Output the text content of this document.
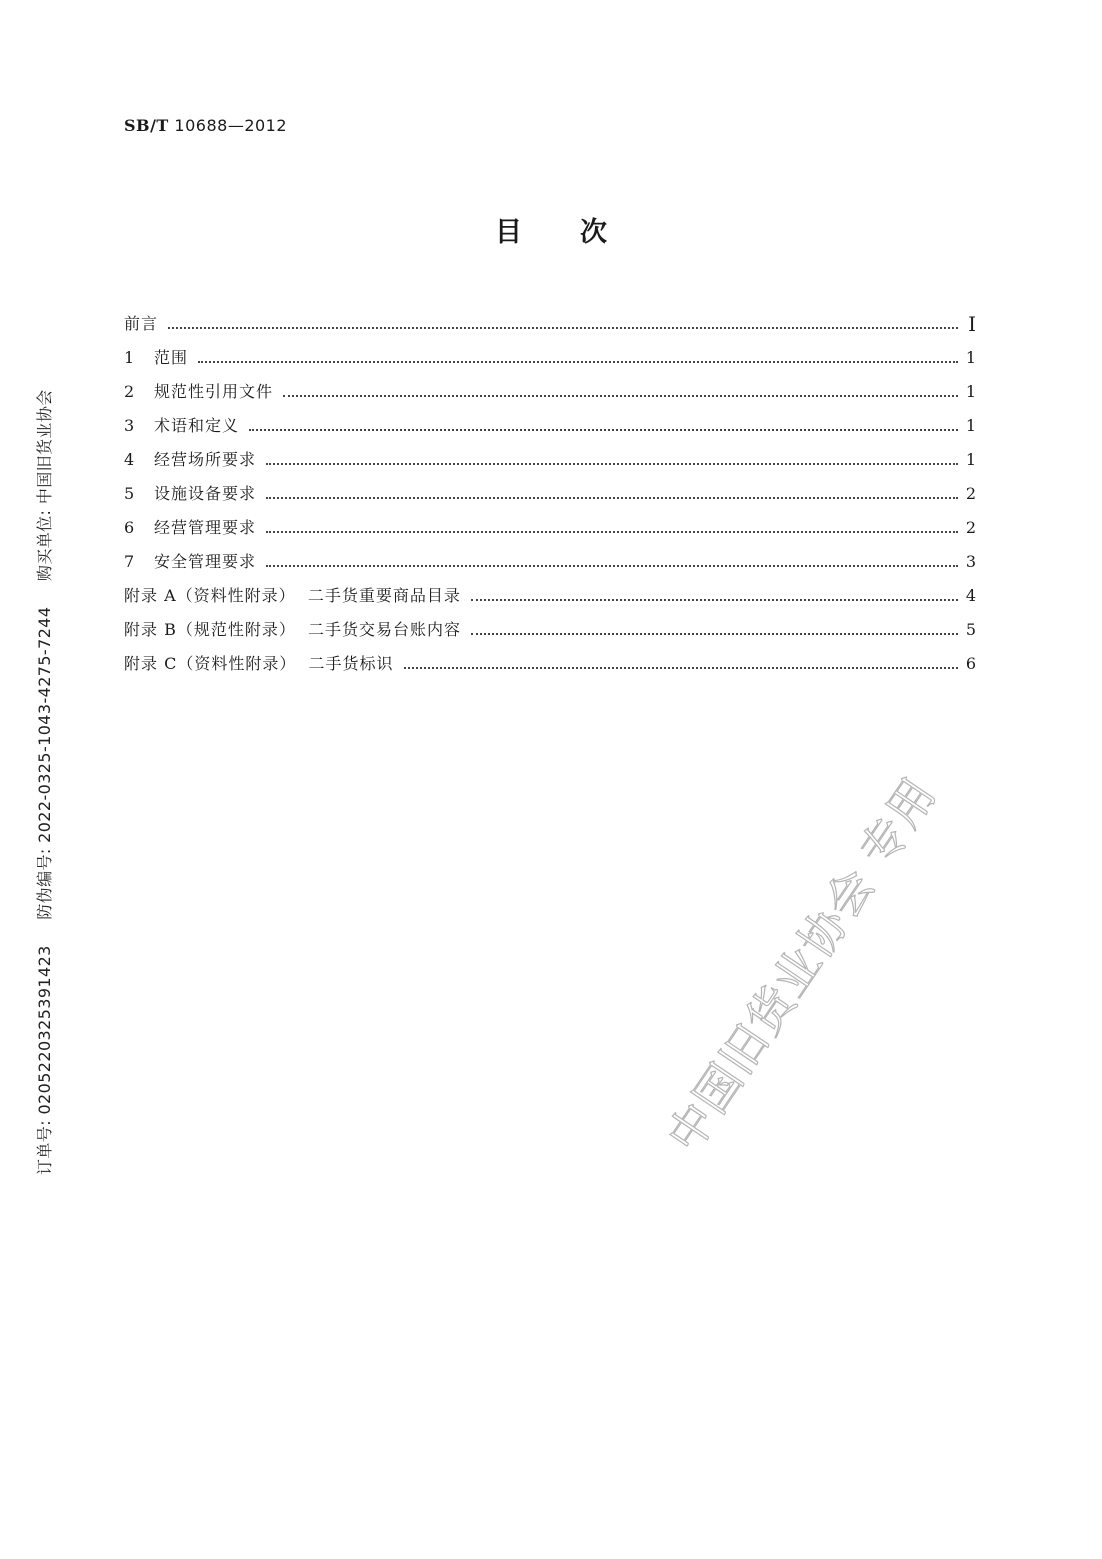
SB/T 10688—2012
目次
前言	I
1	范围	1
2	规范性引用文件	1
3	术语和定义	1
4	经营场所要求	1
5	设施设备要求	2
6	经营管理要求	2
7	安全管理要求	3
附录 A（资料性附录）  二手货重要商品目录	4
附录 B（规范性附录）  二手货交易台账内容	5
附录 C（资料性附录）  二手货标识	6
订单号: 0205220325391423 防伪编号: 2022-0325-1043-4275-7244 购买单位: 中国旧货业协会
中国旧货业协会 专用
